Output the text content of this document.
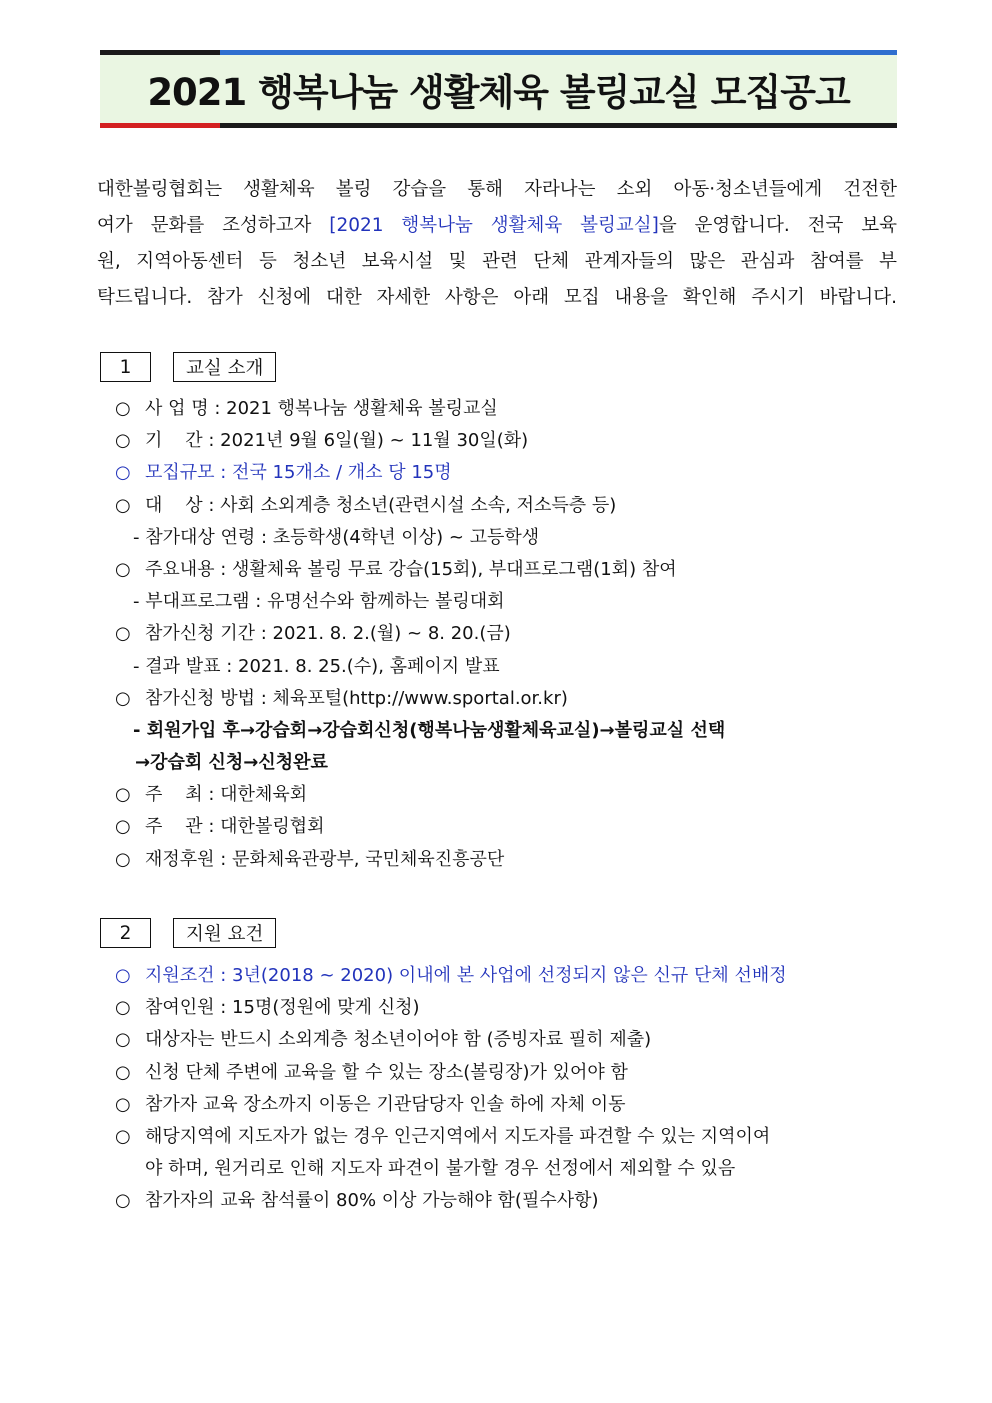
2021 행복나눔 생활체육 볼링교실 모집공고
대한볼링협회는 생활체육 볼링 강습을 통해 자라나는 소외 아동·청소년들에게 건전한
여가 문화를 조성하고자 [2021 행복나눔 생활체육 볼링교실]을 운영합니다. 전국 보육
원, 지역아동센터 등 청소년 보육시설 및 관련 단체 관계자들의 많은 관심과 참여를 부
탁드립니다. 참가 신청에 대한 자세한 사항은 아래 모집 내용을 확인해 주시기 바랍니다.
1	교실 소개
○ 사 업 명 : 2021 행복나눔 생활체육 볼링교실
○ 기    간 : 2021년 9월 6일(월) ~ 11월 30일(화)
○ 모집규모 : 전국 15개소 / 개소 당 15명
○ 대    상 : 사회 소외계층 청소년(관련시설 소속, 저소득층 등)
- 참가대상 연령 : 초등학생(4학년 이상) ~ 고등학생
○ 주요내용 : 생활체육 볼링 무료 강습(15회), 부대프로그램(1회) 참여
- 부대프로그램 : 유명선수와 함께하는 볼링대회
○ 참가신청 기간 : 2021. 8. 2.(월) ~ 8. 20.(금)
- 결과 발표 : 2021. 8. 25.(수), 홈페이지 발표
○ 참가신청 방법 : 체육포털(http://www.sportal.or.kr)
- 회원가입 후→강습회→강습회신청(행복나눔생활체육교실)→볼링교실 선택
→강습회 신청→신청완료
○ 주    최 : 대한체육회
○ 주    관 : 대한볼링협회
○ 재정후원 : 문화체육관광부, 국민체육진흥공단
2	지원 요건
○ 지원조건 : 3년(2018 ~ 2020) 이내에 본 사업에 선정되지 않은 신규 단체 선배정
○ 참여인원 : 15명(정원에 맞게 신청)
○ 대상자는 반드시 소외계층 청소년이어야 함 (증빙자료 필히 제출)
○ 신청 단체 주변에 교육을 할 수 있는 장소(볼링장)가 있어야 함
○ 참가자 교육 장소까지 이동은 기관담당자 인솔 하에 자체 이동
○ 해당지역에 지도자가 없는 경우 인근지역에서 지도자를 파견할 수 있는 지역이여
야 하며, 원거리로 인해 지도자 파견이 불가할 경우 선정에서 제외할 수 있음
○ 참가자의 교육 참석률이 80% 이상 가능해야 함(필수사항)
